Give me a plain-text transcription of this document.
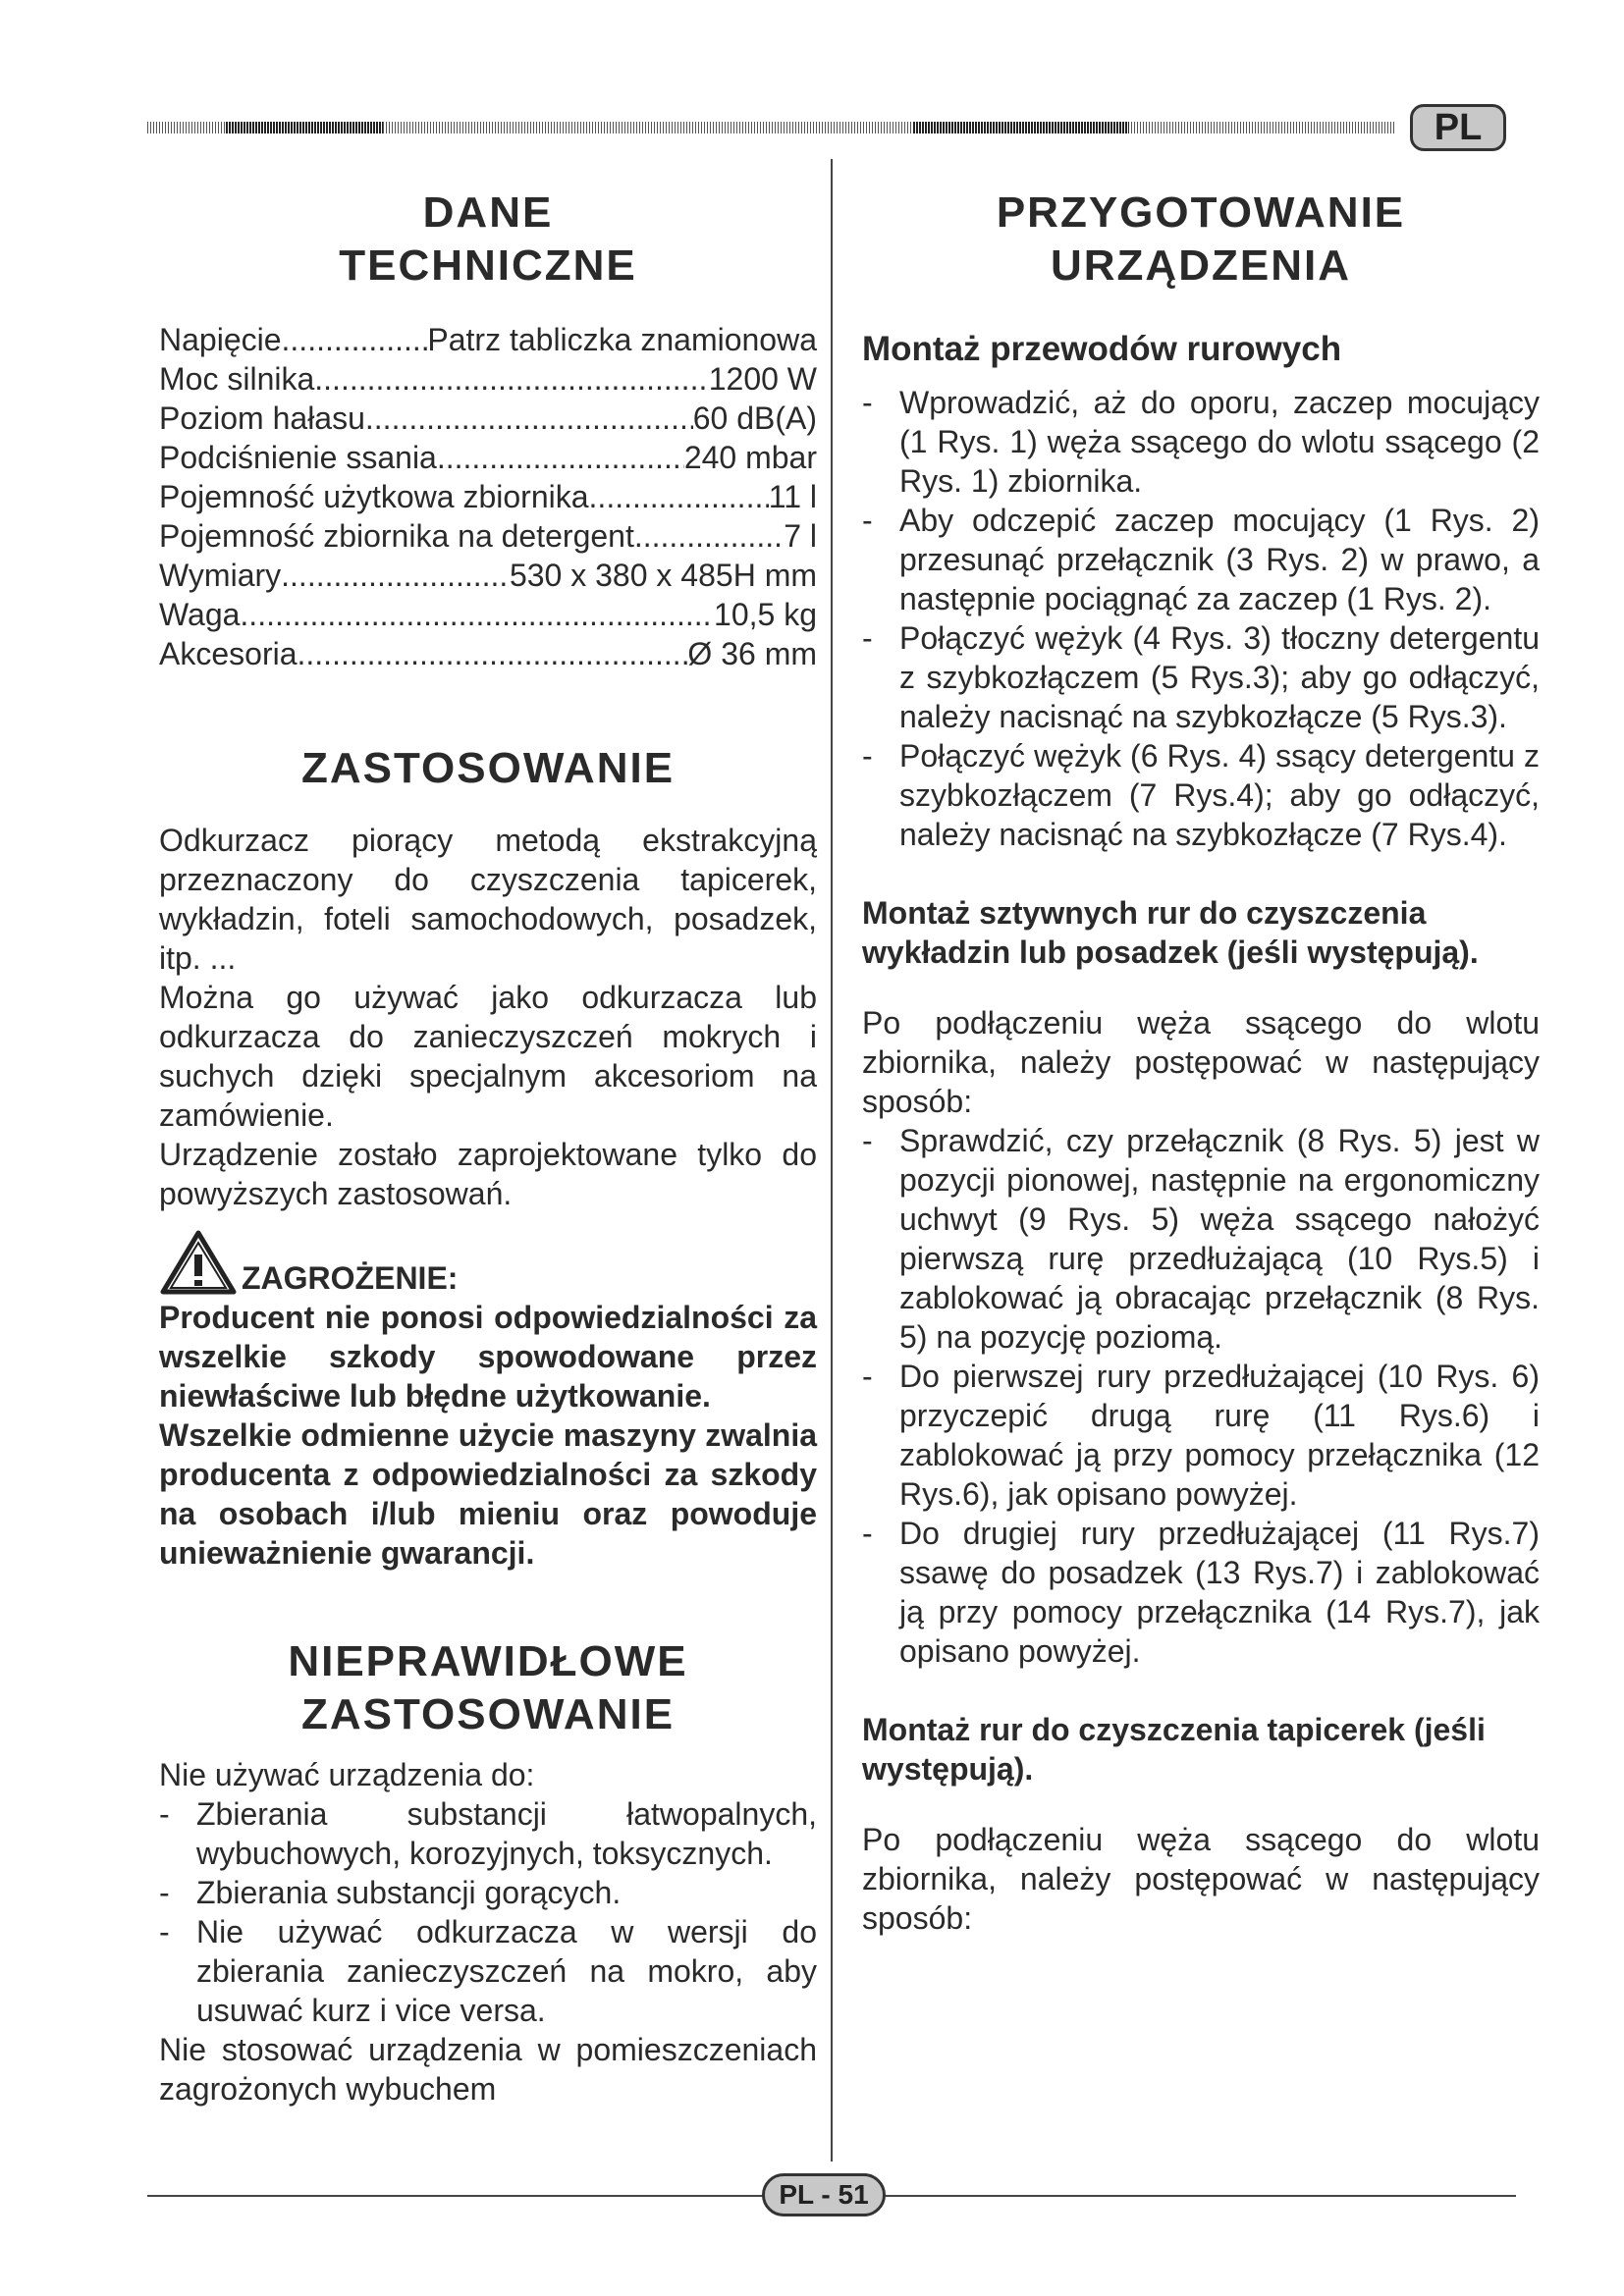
PL
DANE
TECHNICZNE
Napięcie .....	Patrz tabliczka znamionowa
Moc silnika .....	1200 W
Poziom hałasu .....	60 dB(A)
Podciśnienie ssania .....	240 mbar
Pojemność użytkowa zbiornika .....	11 l
Pojemność zbiornika na detergent .....	7 l
Wymiary .....	530 x 380 x 485H mm
Waga .....	10,5 kg
Akcesoria .....	Ø 36 mm
ZASTOSOWANIE

Odkurzacz piorący metodą ekstrakcyjną przeznaczony do czyszczenia tapicerek, wykładzin, foteli samochodowych, posadzek, itp. ...

Można go używać jako odkurzacza lub odkurzacza do zanieczyszczeń mokrych i suchych dzięki specjalnym akcesoriom na zamówienie.

Urządzenie zostało zaprojektowane tylko do powyższych zastosowań.

ZAGROŻENIE:

Producent nie ponosi odpowiedzialności za wszelkie szkody spowodowane przez niewłaściwe lub błędne użytkowanie.

Wszelkie odmienne użycie maszyny zwalnia producenta z odpowiedzialności za szkody na osobach i/lub mieniu oraz powoduje unieważnienie gwarancji.

NIEPRAWIDŁOWE
ZASTOSOWANIE

Nie używać urządzenia do:

- Zbierania substancji łatwopalnych, wybuchowych, korozyjnych, toksycznych.
- Zbierania substancji gorących.
- Nie używać odkurzacza w wersji do zbierania zanieczyszczeń na mokro, aby usuwać kurz i vice versa.

Nie stosować urządzenia w pomieszczeniach zagrożonych wybuchem

PRZYGOTOWANIE
URZĄDZENIA
Montaż przewodów rurowych
- Wprowadzić, aż do oporu, zaczep mocujący (1 Rys. 1) węża ssącego do wlotu ssącego (2 Rys. 1) zbiornika.
- Aby odczepić zaczep mocujący (1 Rys. 2) przesunąć przełącznik (3 Rys. 2) w prawo, a następnie pociągnąć za zaczep (1 Rys. 2).
- Połączyć wężyk (4 Rys. 3) tłoczny detergentu z szybkozłączem (5 Rys.3); aby go odłączyć, należy nacisnąć na szybkozłącze (5 Rys.3).
- Połączyć wężyk (6 Rys. 4) ssący detergentu z szybkozłączem (7 Rys.4); aby go odłączyć, należy nacisnąć na szybkozłącze (7 Rys.4).
Montaż sztywnych rur do czyszczenia wykładzin lub posadzek (jeśli występują).

Po podłączeniu węża ssącego do wlotu zbiornika, należy postępować w następujący sposób:

- Sprawdzić, czy przełącznik (8 Rys. 5) jest w pozycji pionowej, następnie na ergonomiczny uchwyt (9 Rys. 5) węża ssącego nałożyć pierwszą rurę przedłużającą (10 Rys.5) i zablokować ją obracając przełącznik (8 Rys. 5) na pozycję poziomą.
- Do pierwszej rury przedłużającej (10 Rys. 6) przyczepić drugą rurę (11 Rys.6) i zablokować ją przy pomocy przełącznika (12 Rys.6), jak opisano powyżej.
- Do drugiej rury przedłużającej (11 Rys.7) ssawę do posadzek (13 Rys.7) i zablokować ją przy pomocy przełącznika (14 Rys.7), jak opisano powyżej.
Montaż rur do czyszczenia tapicerek (jeśli występują).

Po podłączeniu węża ssącego do wlotu zbiornika, należy postępować w następujący sposób:

PL - 51
